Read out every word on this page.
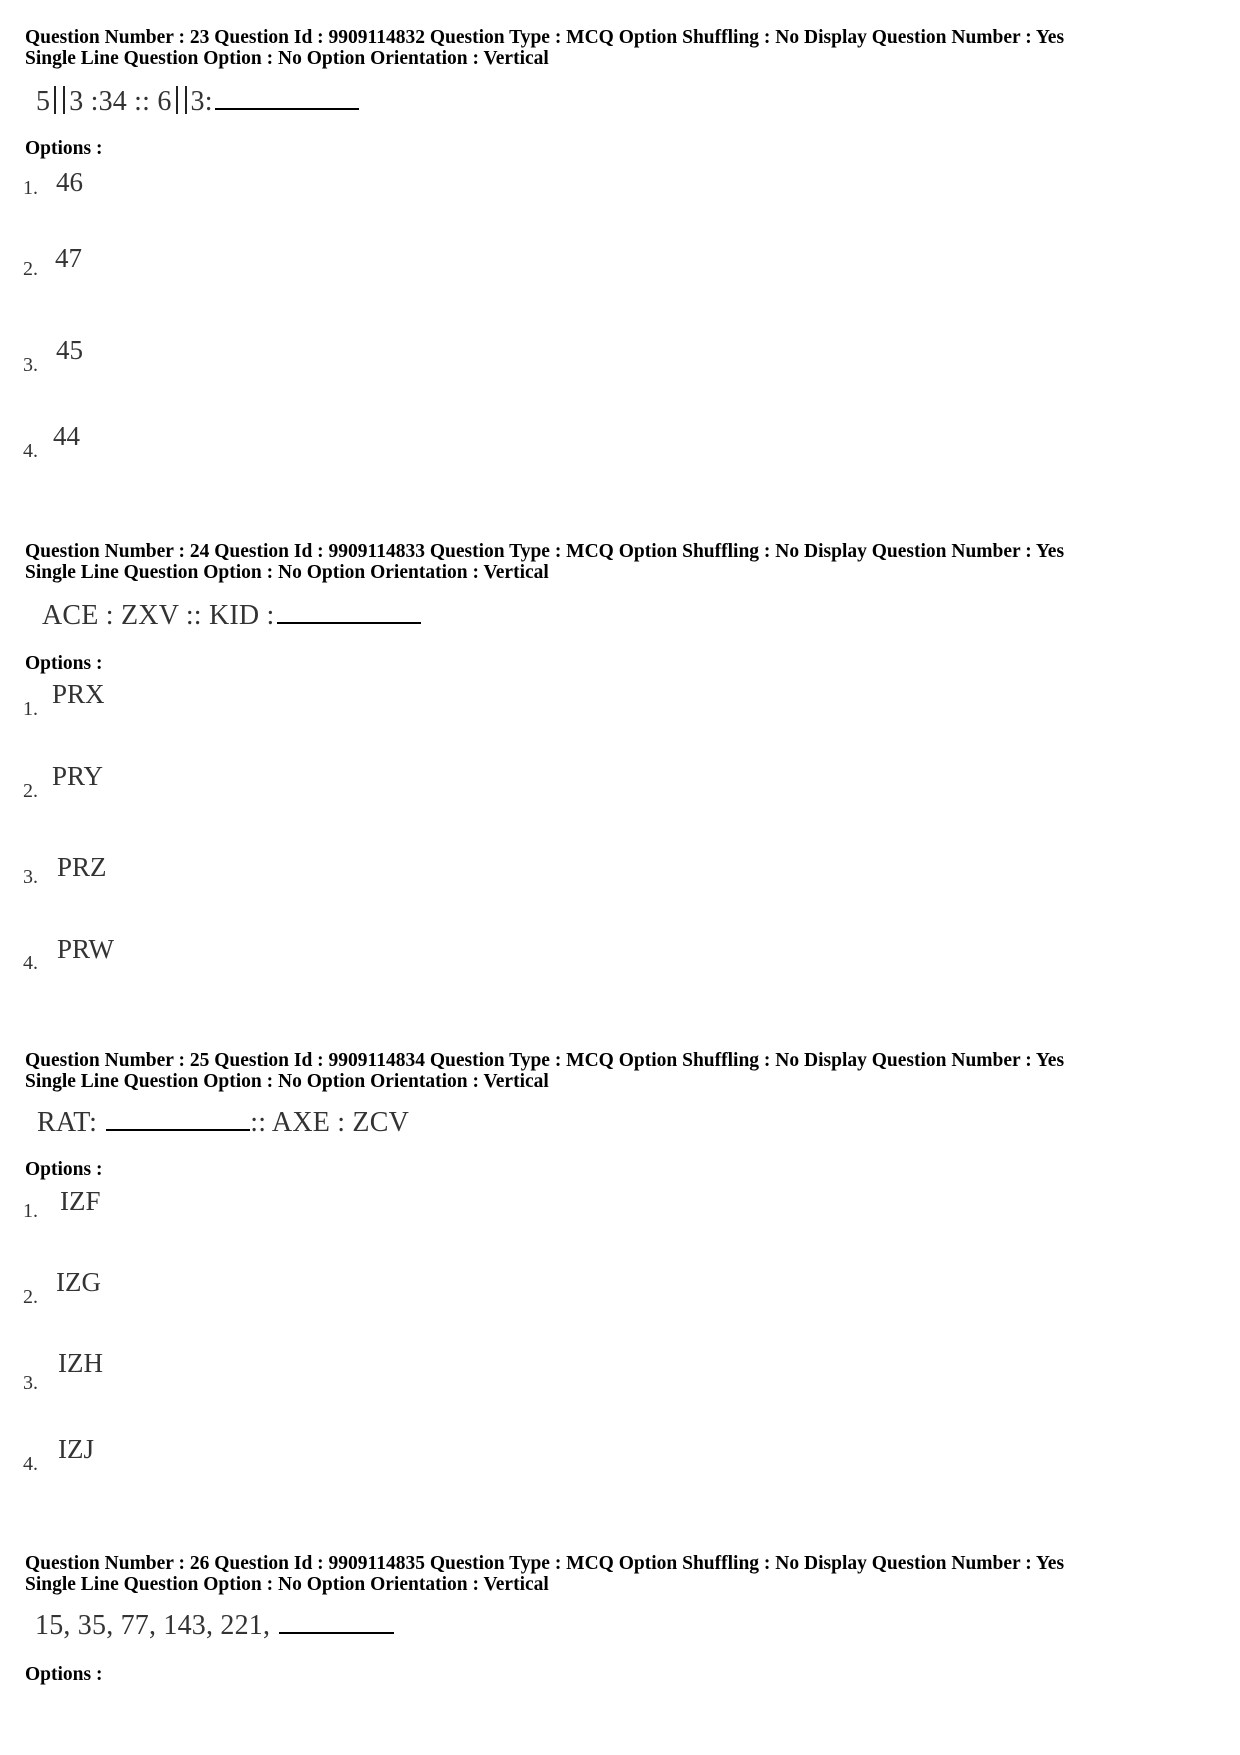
Question Number : 23 Question Id : 9909114832 Question Type : MCQ Option Shuffling : No Display Question Number : Yes
Single Line Question Option : No Option Orientation : Vertical
5 3 :34 :: 6 3:
Options :
1. 46
2. 47
3. 45
4. 44
Question Number : 24 Question Id : 9909114833 Question Type : MCQ Option Shuffling : No Display Question Number : Yes
Single Line Question Option : No Option Orientation : Vertical
ACE : ZXV :: KID :
Options :
1. PRX
2. PRY
3. PRZ
4. PRW
Question Number : 25 Question Id : 9909114834 Question Type : MCQ Option Shuffling : No Display Question Number : Yes
Single Line Question Option : No Option Orientation : Vertical
RAT:	:: AXE : ZCV
Options :
1. IZF
2. IZG
3.
IZH
4. IZJ
Question Number : 26 Question Id : 9909114835 Question Type : MCQ Option Shuffling : No Display Question Number : Yes
Single Line Question Option : No Option Orientation : Vertical
15, 35, 77, 143, 221,
Options :
